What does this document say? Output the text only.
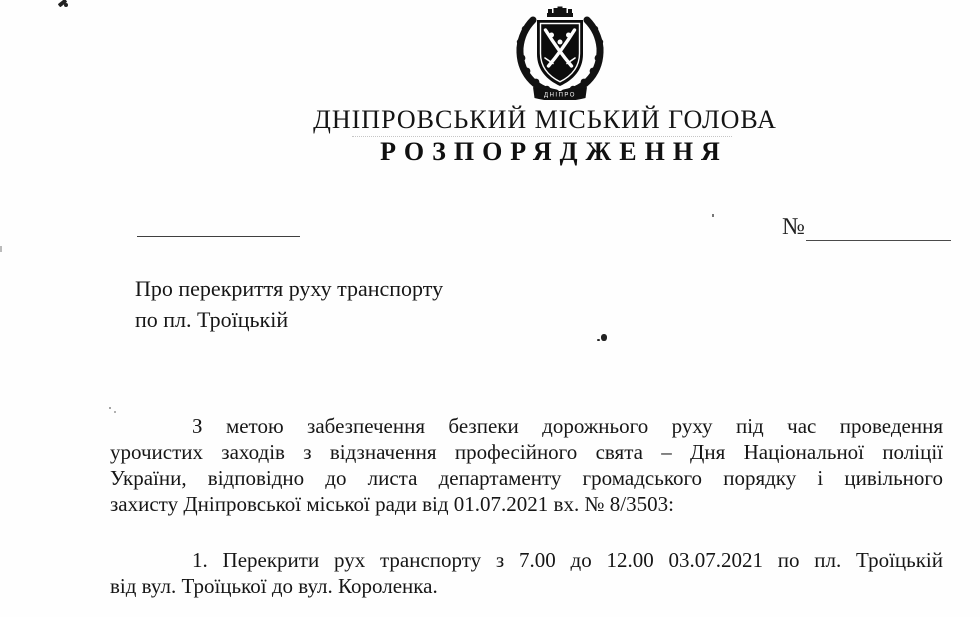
ДНІПРО
ДНІПРОВСЬКИЙ МІСЬКИЙ ГОЛОВА
РОЗПОРЯДЖЕННЯ
№
Про перекриття руху транспорту
по пл. Троїцькій
З метою забезпечення безпеки дорожнього руху під час проведення
урочистих заходів з відзначення професійного свята – Дня Національної поліції
України, відповідно до листа департаменту громадського порядку і цивільного
захисту Дніпровської міської ради від 01.07.2021 вх. № 8/3503:
1. Перекрити рух транспорту з 7.00 до 12.00 03.07.2021 по пл. Троїцькій
від вул. Троїцької до вул. Короленка.
